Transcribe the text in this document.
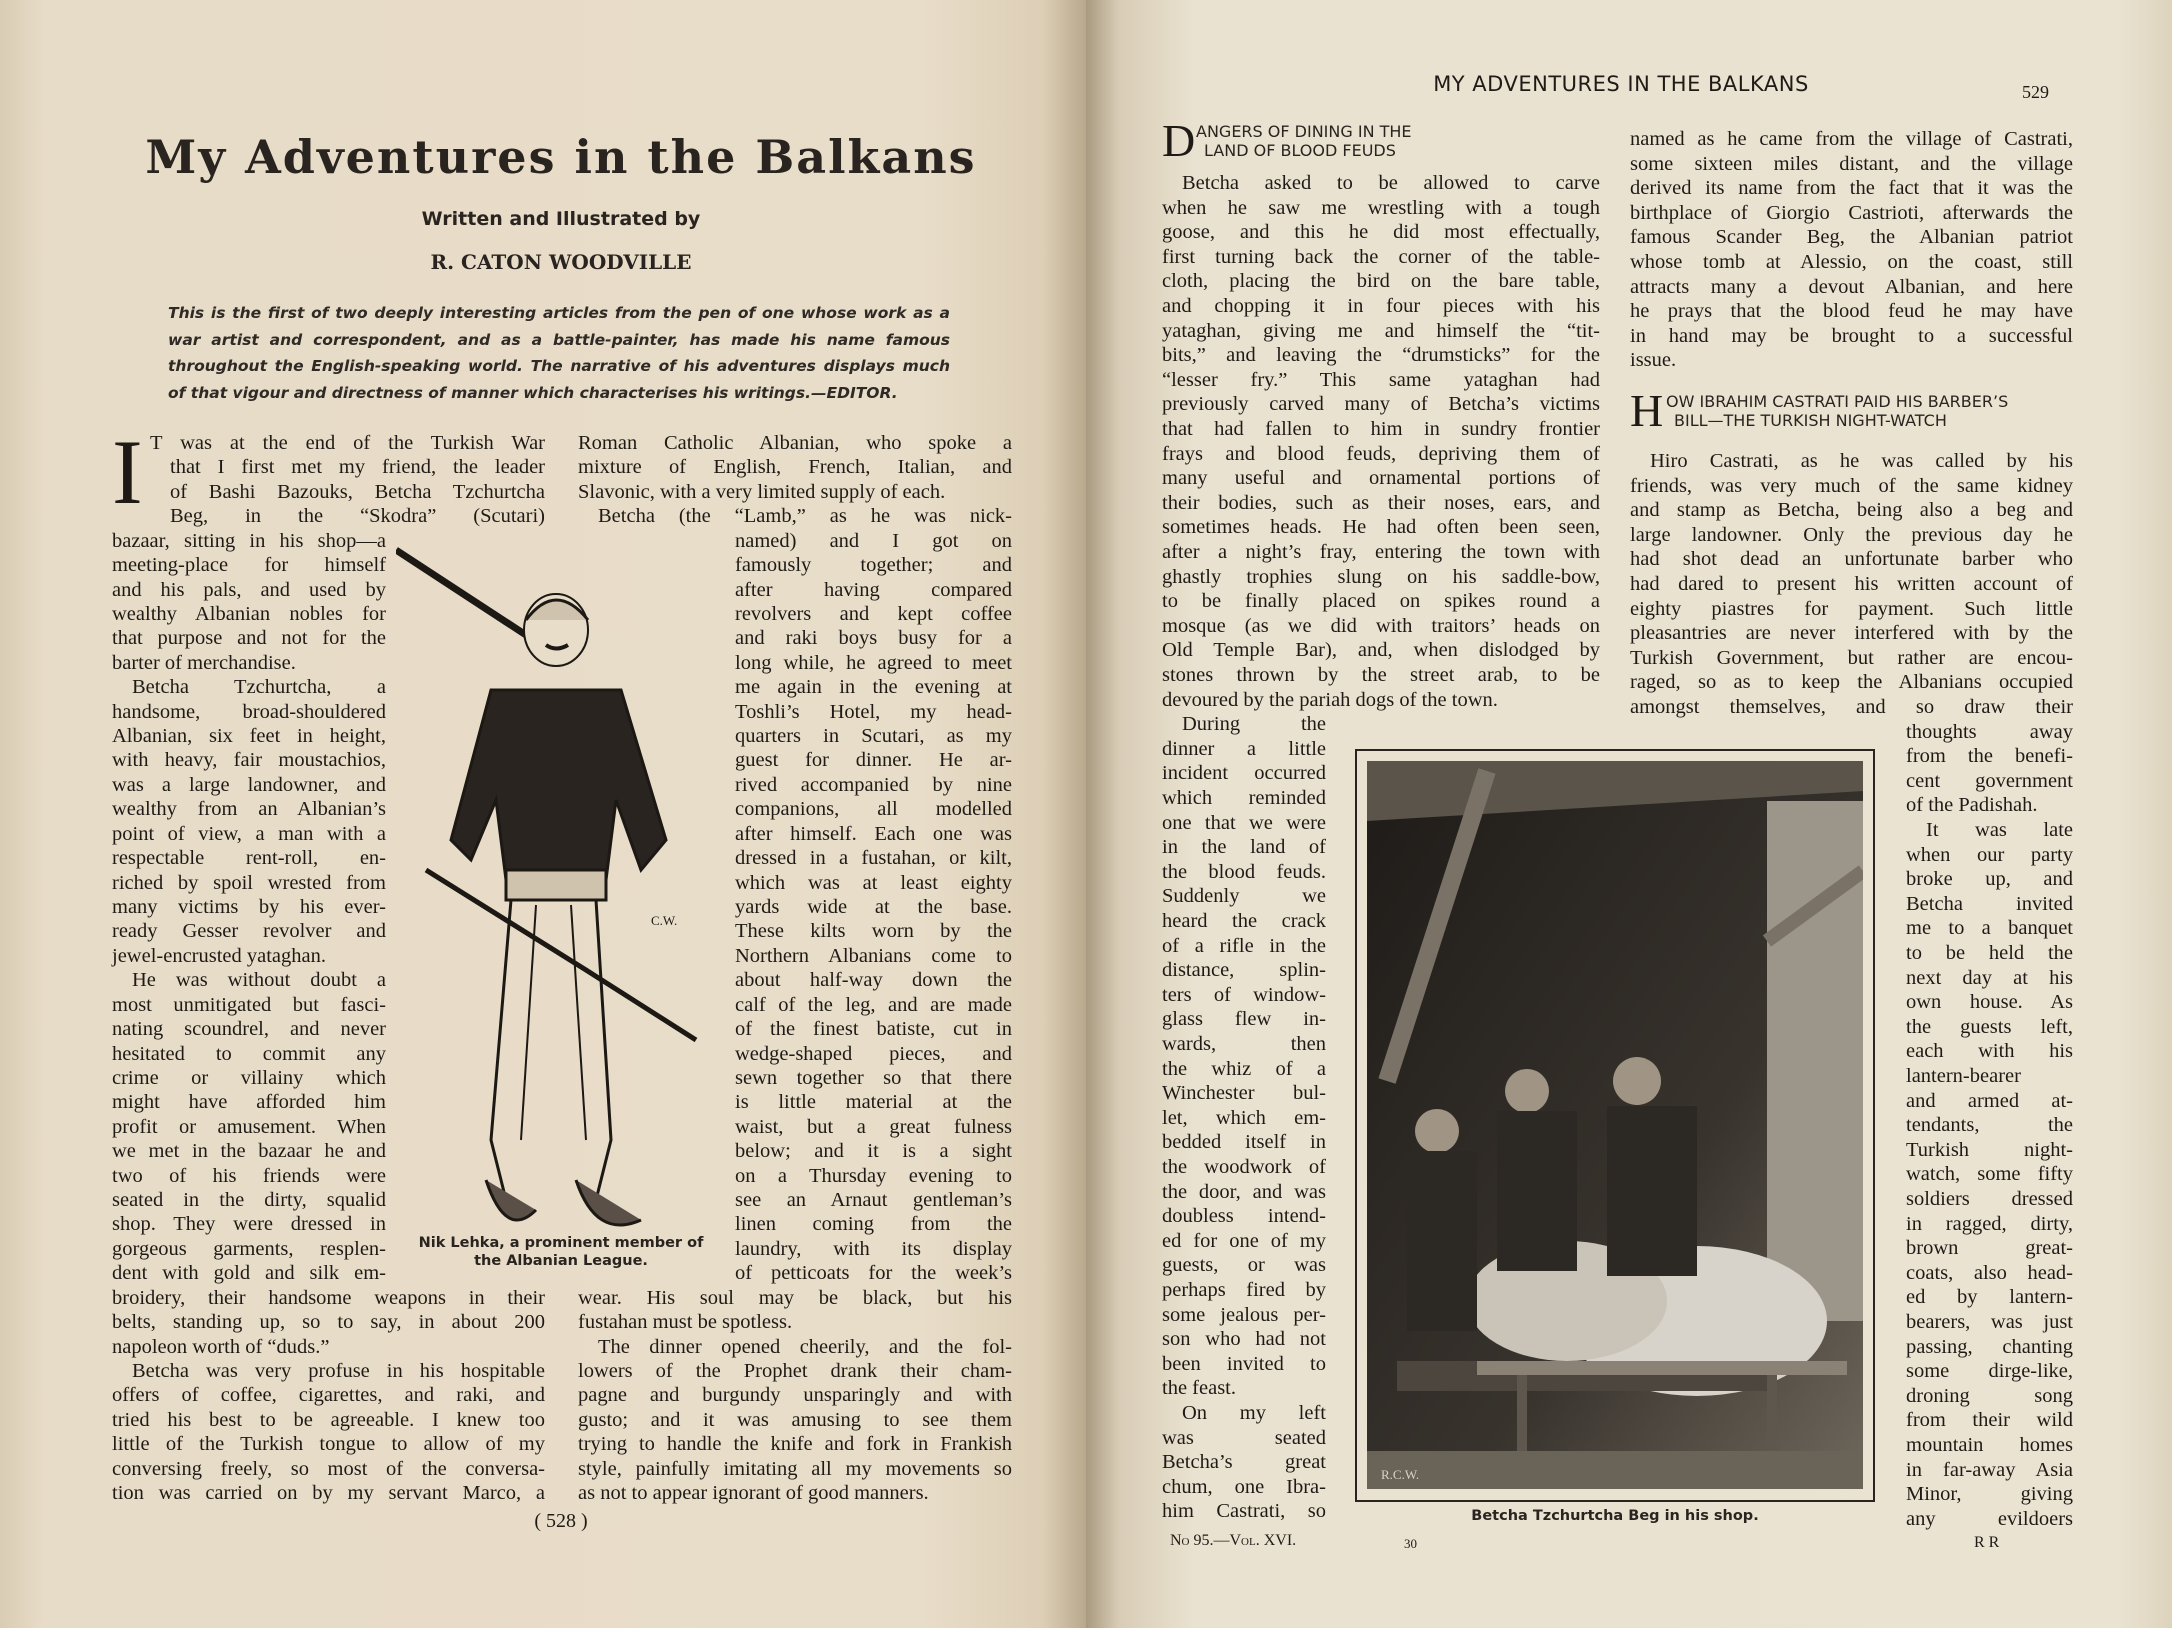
My Adventures in the Balkans
Written and Illustrated by
R. CATON WOODVILLE
This is the first of two deeply interesting articles from the pen of one whose work as a
war artist and correspondent, and as a battle-painter, has made his name famous
throughout the English-speaking world. The narrative of his adventures displays much
of that vigour and directness of manner which characterises his writings.—EDITOR.
I T was at the end of the Turkish War
that I first met my friend, the leader
of Bashi Bazouks, Betcha Tzchurtcha
Beg, in the “Skodra” (Scutari)
bazaar, sitting in his shop—a
meeting-place for himself
and his pals, and used by
wealthy Albanian nobles for
that purpose and not for the
barter of merchandise.
Betcha Tzchurtcha, a
handsome, broad-shouldered
Albanian, six feet in height,
with heavy, fair moustachios,
was a large landowner, and
wealthy from an Albanian’s
point of view, a man with a
respectable rent-roll, en-
riched by spoil wrested from
many victims by his ever-
ready Gesser revolver and
jewel-encrusted yataghan.
He was without doubt a
most unmitigated but fasci-
nating scoundrel, and never
hesitated to commit any
crime or villainy which
might have afforded him
profit or amusement. When
we met in the bazaar he and
two of his friends were
seated in the dirty, squalid
shop. They were dressed in
gorgeous garments, resplen-
dent with gold and silk em-
broidery, their handsome weapons in their
belts, standing up, so to say, in about 200
napoleon worth of “duds.”
Betcha was very profuse in his hospitable
offers of coffee, cigarettes, and raki, and
tried his best to be agreeable. I knew too
little of the Turkish tongue to allow of my
conversing freely, so most of the conversa-
tion was carried on by my servant Marco, a
Roman Catholic Albanian, who spoke a
mixture of English, French, Italian, and
Slavonic, with a very limited supply of each.
Betcha (the “Lamb,” as he was nick-
named) and I got on
famously together; and
after having compared
revolvers and kept coffee
and raki boys busy for a
long while, he agreed to meet
me again in the evening at
Toshli’s Hotel, my head-
quarters in Scutari, as my
guest for dinner. He ar-
rived accompanied by nine
companions, all modelled
after himself. Each one was
dressed in a fustahan, or kilt,
which was at least eighty
yards wide at the base.
These kilts worn by the
Northern Albanians come to
about half-way down the
calf of the leg, and are made
of the finest batiste, cut in
wedge-shaped pieces, and
sewn together so that there
is little material at the
waist, but a great fulness
below; and it is a sight
on a Thursday evening to
see an Arnaut gentleman’s
linen coming from the
laundry, with its display
of petticoats for the week’s
wear. His soul may be black, but his
fustahan must be spotless.
The dinner opened cheerily, and the fol-
lowers of the Prophet drank their cham-
pagne and burgundy unsparingly and with
gusto; and it was amusing to see them
trying to handle the knife and fork in Frankish
style, painfully imitating all my movements so
as not to appear ignorant of good manners.
C.W.
Nik Lehka, a prominent member of
the Albanian League.
( 528 )
MY ADVENTURES IN THE BALKANS	529
D ANGERS OF DINING IN THE
LAND OF BLOOD FEUDS
H OW IBRAHIM CASTRATI PAID HIS BARBER’S
BILL—THE TURKISH NIGHT-WATCH
Betcha asked to be allowed to carve
when he saw me wrestling with a tough
goose, and this he did most effectually,
first turning back the corner of the table-
cloth, placing the bird on the bare table,
and chopping it in four pieces with his
yataghan, giving me and himself the “tit-
bits,” and leaving the “drumsticks” for the
“lesser fry.” This same yataghan had
previously carved many of Betcha’s victims
that had fallen to him in sundry frontier
frays and blood feuds, depriving them of
many useful and ornamental portions of
their bodies, such as their noses, ears, and
sometimes heads. He had often been seen,
after a night’s fray, entering the town with
ghastly trophies slung on his saddle-bow,
to be finally placed on spikes round a
mosque (as we did with traitors’ heads on
Old Temple Bar), and, when dislodged by
stones thrown by the street arab, to be
devoured by the pariah dogs of the town.
During the
dinner a little
incident occurred
which reminded
one that we were
in the land of
the blood feuds.
Suddenly we
heard the crack
of a rifle in the
distance, splin-
ters of window-
glass flew in-
wards, then
the whiz of a
Winchester bul-
let, which em-
bedded itself in
the woodwork of
the door, and was
doubless intend-
ed for one of my
guests, or was
perhaps fired by
some jealous per-
son who had not
been invited to
the feast.
On my left
was seated
Betcha’s great
chum, one Ibra-
him Castrati, so
named as he came from the village of Castrati,
some sixteen miles distant, and the village
derived its name from the fact that it was the
birthplace of Giorgio Castrioti, afterwards the
famous Scander Beg, the Albanian patriot
whose tomb at Alessio, on the coast, still
attracts many a devout Albanian, and here
he prays that the blood feud he may have
in hand may be brought to a successful
issue.
Hiro Castrati, as he was called by his
friends, was very much of the same kidney
and stamp as Betcha, being also a beg and
large landowner. Only the previous day he
had shot dead an unfortunate barber who
had dared to present his written account of
eighty piastres for payment. Such little
pleasantries are never interfered with by the
Turkish Government, but rather are encou-
raged, so as to keep the Albanians occupied
amongst themselves, and so draw their
thoughts away
from the benefi-
cent government
of the Padishah.
It was late
when our party
broke up, and
Betcha invited
me to a banquet
to be held the
next day at his
own house. As
the guests left,
each with his
lantern-bearer
and armed at-
tendants, the
Turkish night-
watch, some fifty
soldiers dressed
in ragged, dirty,
brown great-
coats, also head-
ed by lantern-
bearers, was just
passing, chanting
some dirge-like,
droning song
from their wild
mountain homes
in far-away Asia
Minor, giving
any evildoers
R.C.W.
Betcha Tzchurtcha Beg in his shop.
No 95.—Vol. XVI.	30	R R
